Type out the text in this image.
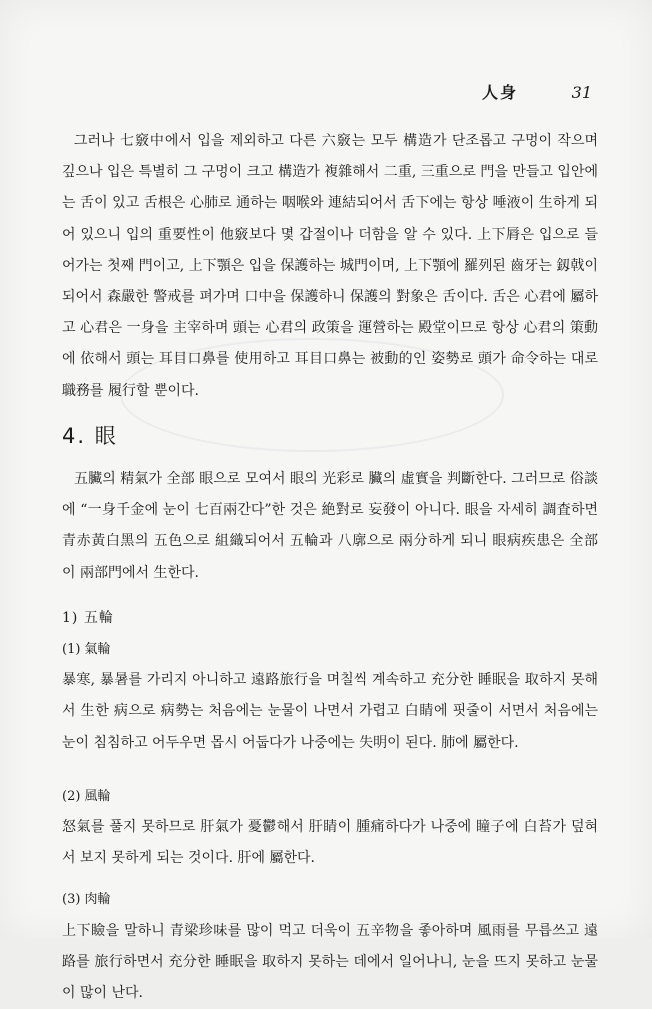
人身	31

그러나 七竅中에서 입을 제외하고 다른 六竅는 모두 構造가 단조롭고 구멍이 작으며 깊으나 입은 특별히 그 구멍이 크고 構造가 複雜해서 二重, 三重으로 門을 만들고 입안에는 舌이 있고 舌根은 心肺로 通하는 咽喉와 連結되어서 舌下에는 항상 唾液이 生하게 되어 있으니 입의 重要性이 他竅보다 몇 갑절이나 더함을 알 수 있다. 上下脣은 입으로 들어가는 첫째 門이고, 上下顎은 입을 保護하는 城門이며, 上下顎에 羅列된 齒牙는 釼戟이 되어서 森嚴한 警戒를 펴가며 口中을 保護하니 保護의 對象은 舌이다. 舌은 心君에 屬하고 心君은 一身을 主宰하며 頭는 心君의 政策을 運營하는 殿堂이므로 항상 心君의 策動에 依해서 頭는 耳目口鼻를 使用하고 耳目口鼻는 被動的인 姿勢로 頭가 命令하는 대로 職務를 履行할 뿐이다.

4. 眼

五臟의 精氣가 全部 眼으로 모여서 眼의 光彩로 臟의 虛實을 判斷한다. 그러므로 俗談에 “一身千金에 눈이 七百兩간다”한 것은 絶對로 妄發이 아니다. 眼을 자세히 調査하면 青赤黃白黑의 五色으로 組織되어서 五輪과 八廓으로 兩分하게 되니 眼病疾患은 全部 이 兩部門에서 生한다.

1) 五輪
(1) 氣輪

暴寒, 暴暑를 가리지 아니하고 遠路旅行을 며칠씩 계속하고 充分한 睡眠을 取하지 못해서 生한 病으로 病勢는 처음에는 눈물이 나면서 가렵고 白睛에 핏줄이 서면서 처음에는 눈이 침침하고 어두우면 몹시 어둡다가 나중에는 失明이 된다. 肺에 屬한다.

(2) 風輪

怒氣를 풀지 못하므로 肝氣가 憂鬱해서 肝睛이 腫痛하다가 나중에 瞳子에 白苔가 덮혀서 보지 못하게 되는 것이다. 肝에 屬한다.

(3) 肉輪

上下瞼을 말하니 青梁珍味를 많이 먹고 더욱이 五辛物을 좋아하며 風雨를 무릅쓰고 遠路를 旅行하면서 充分한 睡眠을 取하지 못하는 데에서 일어나니, 눈을 뜨지 못하고 눈물이 많이 난다.
